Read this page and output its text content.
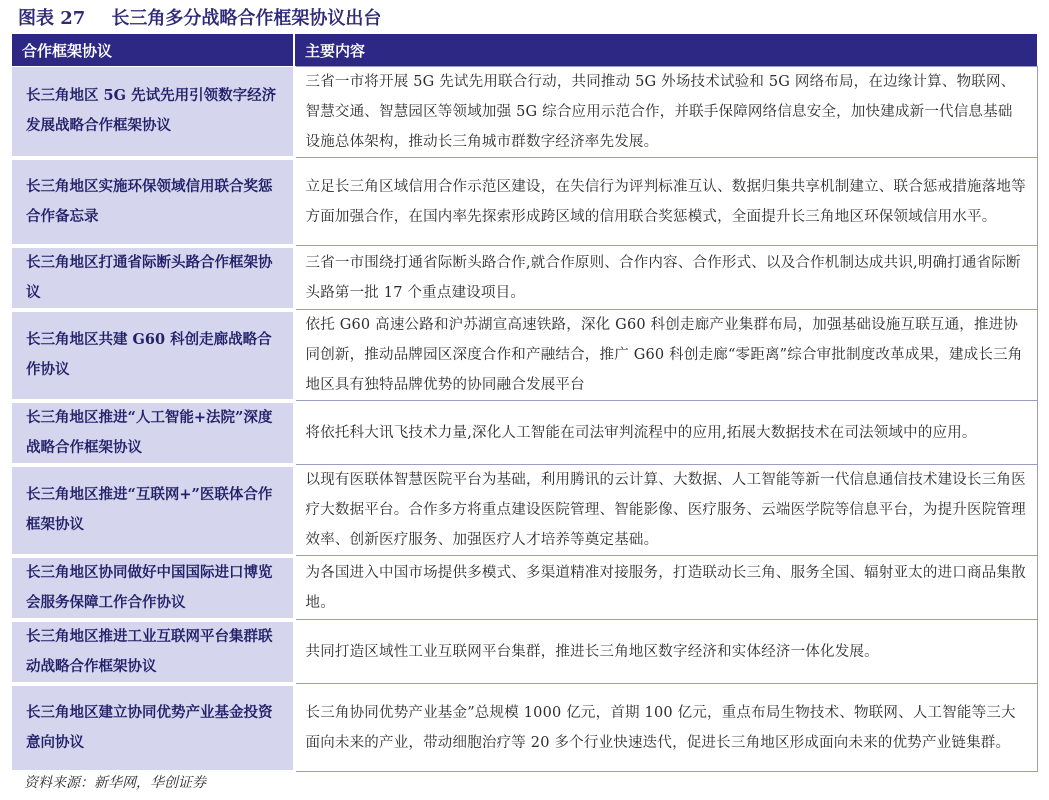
图表 27 长三角多分战略合作框架协议出台
合作框架协议	主要内容
长三角地区 5G 先试先用引领数字经济发展战略合作框架协议	三省一市将开展 5G 先试先用联合行动，共同推动 5G 外场技术试验和 5G 网络布局，在边缘计算、物联网、智慧交通、智慧园区等领域加强 5G 综合应用示范合作，并联手保障网络信息安全，加快建成新一代信息基础设施总体架构，推动长三角城市群数字经济率先发展。
长三角地区实施环保领域信用联合奖惩合作备忘录	立足长三角区域信用合作示范区建设，在失信行为评判标准互认、数据归集共享机制建立、联合惩戒措施落地等方面加强合作，在国内率先探索形成跨区域的信用联合奖惩模式，全面提升长三角地区环保领域信用水平。
长三角地区打通省际断头路合作框架协议	三省一市围绕打通省际断头路合作,就合作原则、合作内容、合作形式、以及合作机制达成共识,明确打通省际断头路第一批 17 个重点建设项目。
长三角地区共建 G60 科创走廊战略合作协议	依托 G60 高速公路和沪苏湖宣高速铁路，深化 G60 科创走廊产业集群布局，加强基础设施互联互通，推进协同创新，推动品牌园区深度合作和产融结合，推广 G60 科创走廊“零距离”综合审批制度改革成果，建成长三角地区具有独特品牌优势的协同融合发展平台
长三角地区推进“人工智能+法院”深度战略合作框架协议	将依托科大讯飞技术力量,深化人工智能在司法审判流程中的应用,拓展大数据技术在司法领域中的应用。
长三角地区推进“互联网+”医联体合作框架协议	以现有医联体智慧医院平台为基础，利用腾讯的云计算、大数据、人工智能等新一代信息通信技术建设长三角医疗大数据平台。合作多方将重点建设医院管理、智能影像、医疗服务、云端医学院等信息平台，为提升医院管理效率、创新医疗服务、加强医疗人才培养等奠定基础。
长三角地区协同做好中国国际进口博览会服务保障工作合作协议	为各国进入中国市场提供多模式、多渠道精准对接服务，打造联动长三角、服务全国、辐射亚太的进口商品集散地。
长三角地区推进工业互联网平台集群联动战略合作框架协议	共同打造区域性工业互联网平台集群，推进长三角地区数字经济和实体经济一体化发展。
长三角地区建立协同优势产业基金投资意向协议	长三角协同优势产业基金”总规模 1000 亿元，首期 100 亿元，重点布局生物技术、物联网、人工智能等三大面向未来的产业，带动细胞治疗等 20 多个行业快速迭代，促进长三角地区形成面向未来的优势产业链集群。
资料来源：新华网，华创证券
